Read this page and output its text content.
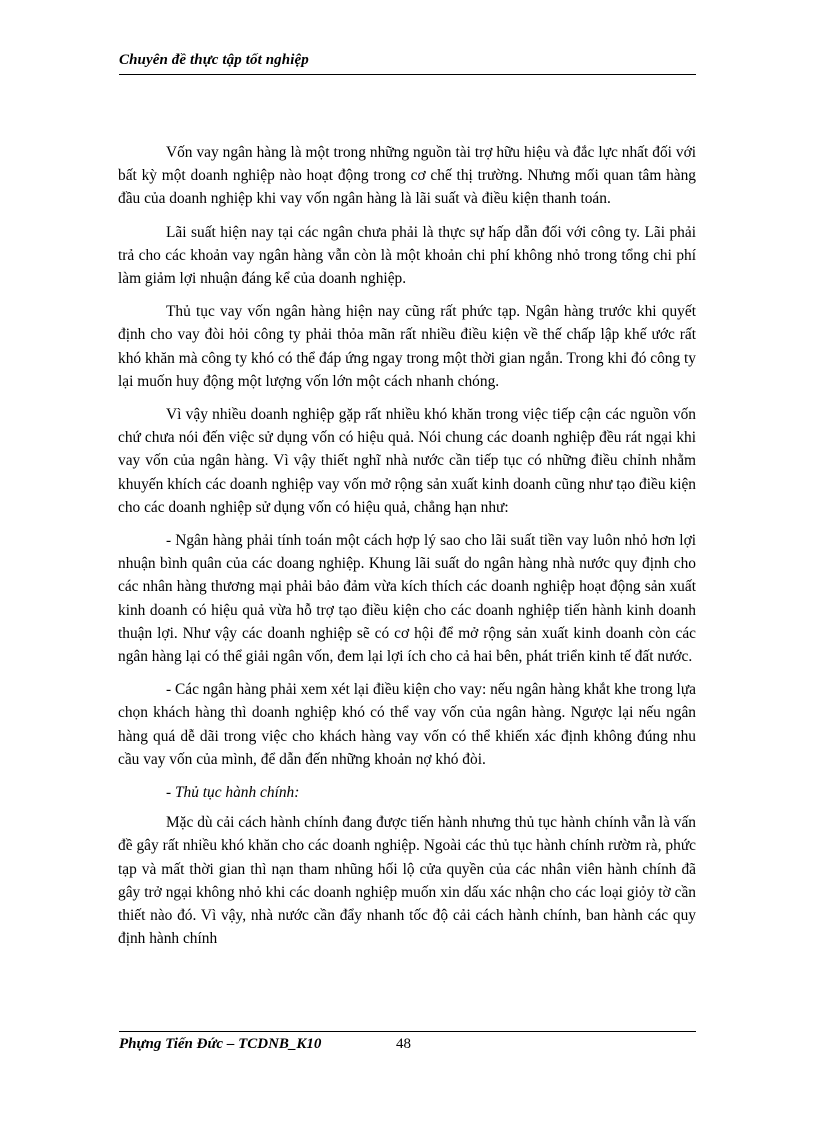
Chuyên đề thực tập tốt nghiệp

Vốn vay ngân hàng là một trong những nguồn tài trợ hữu hiệu và đắc lực nhất đối với bất kỳ một doanh nghiệp nào hoạt động trong cơ chế thị trường. Nhưng mối quan tâm hàng đầu của doanh nghiệp khi vay vốn ngân hàng là lãi suất và điều kiện thanh toán.

Lãi suất hiện nay tại các ngân chưa phải là thực sự hấp dẫn đối với công ty. Lãi phải trả cho các khoản vay ngân hàng vẫn còn là một khoản chi phí không nhỏ trong tổng chi phí làm giảm lợi nhuận đáng kể của doanh nghiệp.

Thủ tục vay vốn ngân hàng hiện nay cũng rất phức tạp. Ngân hàng trước khi quyết định cho vay đòi hỏi công ty phải thỏa mãn rất nhiều điều kiện về thế chấp lập khế ước rất khó khăn mà công ty khó có thể đáp ứng ngay trong một thời gian ngắn. Trong khi đó công ty lại muốn huy động một lượng vốn lớn một cách nhanh chóng.

Vì vậy nhiều doanh nghiệp gặp rất nhiều khó khăn trong việc tiếp cận các nguồn vốn chứ chưa nói đến việc sử dụng vốn có hiệu quả. Nói chung các doanh nghiệp đều rát ngại khi vay vốn của ngân hàng. Vì vậy thiết nghĩ nhà nước cần tiếp tục có những điều chỉnh nhằm khuyến khích các doanh nghiệp vay vốn mở rộng sản xuất kinh doanh cũng như tạo điều kiện cho các doanh nghiệp sử dụng vốn có hiệu quả, chẳng hạn như:

- Ngân hàng phải tính toán một cách hợp lý sao cho lãi suất tiền vay luôn nhỏ hơn lợi nhuận bình quân của các doang nghiệp. Khung lãi suất do ngân hàng nhà nước quy định cho các nhân hàng thương mại phải bảo đảm vừa kích thích các doanh nghiệp hoạt động sản xuất kinh doanh có hiệu quả vừa hỗ trợ tạo điều kiện cho các doanh nghiệp tiến hành kinh doanh thuận lợi. Như vậy các doanh nghiệp sẽ có cơ hội để mở rộng sản xuất kinh doanh còn các ngân hàng lại có thể giải ngân vốn, đem lại lợi ích cho cả hai bên, phát triển kinh tế đất nước.

- Các ngân hàng phải xem xét lại điều kiện cho vay: nếu ngân hàng khắt khe trong lựa chọn khách hàng thì doanh nghiệp khó có thể vay vốn của ngân hàng. Ngược lại nếu ngân hàng quá dễ dãi trong việc cho khách hàng vay vốn có thể khiến xác định không đúng nhu cầu vay vốn của mình, để dẫn đến những khoản nợ khó đòi.

- Thủ tục hành chính:

Mặc dù cải cách hành chính đang được tiến hành nhưng thủ tục hành chính vẫn là vấn đề gây rất nhiều khó khăn cho các doanh nghiệp. Ngoài các thủ tục hành chính rườm rà, phức tạp và mất thời gian thì nạn tham nhũng hối lộ cửa quyền của các nhân viên hành chính đã gây trở ngại không nhỏ khi các doanh nghiệp muốn xin dấu xác nhận cho các loại giỏy tờ cần thiết nào đó. Vì vậy, nhà nước cần đẩy nhanh tốc độ cải cách hành chính, ban hành các quy định hành chính

Phựng Tiến Đức – TCDNB_K10	48
